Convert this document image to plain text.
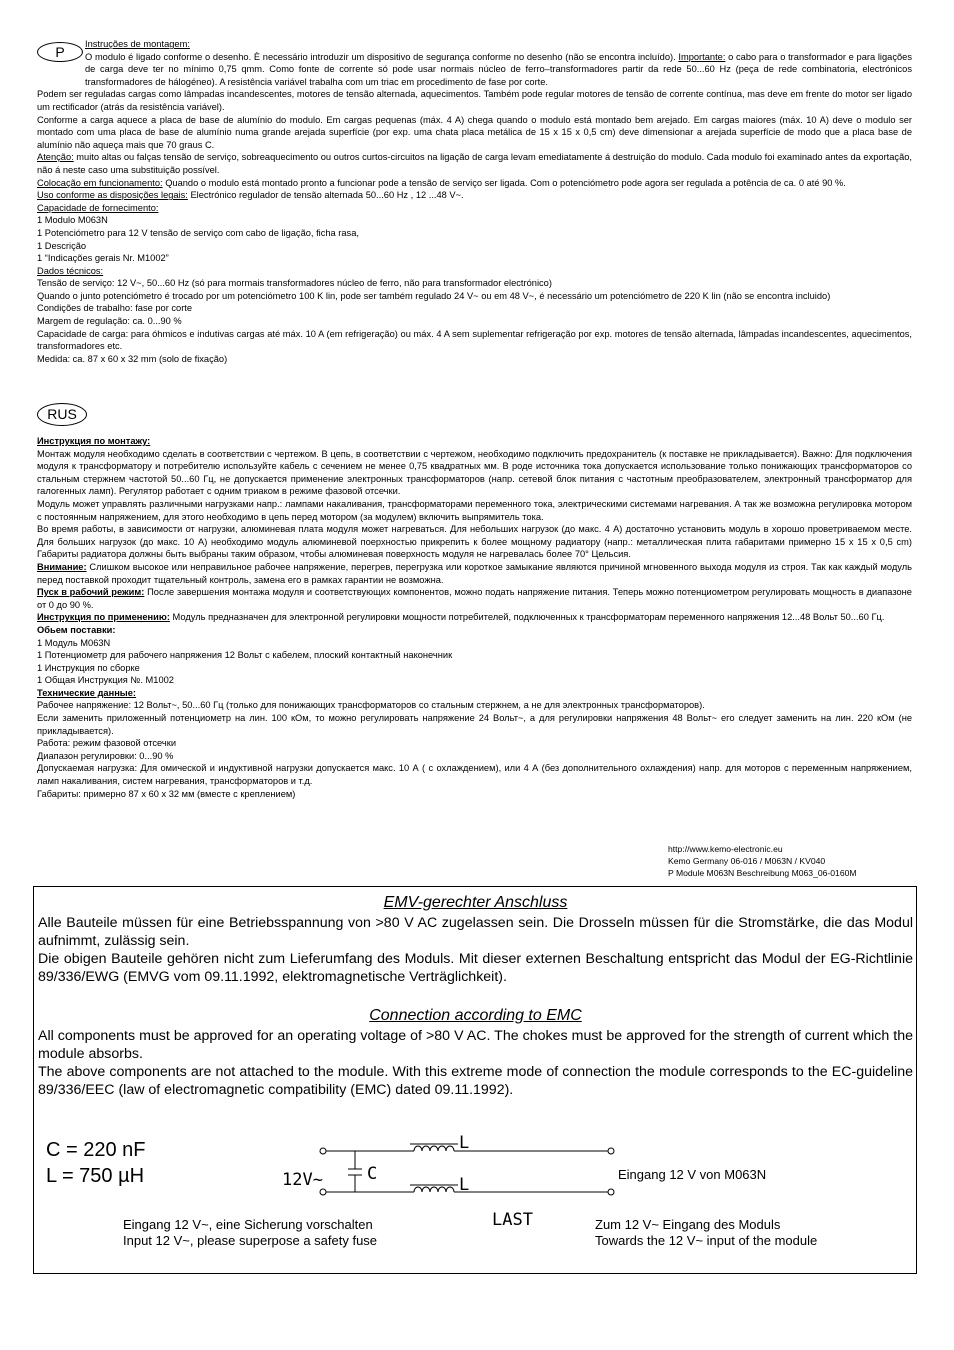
P	Instruções de montagem:

O modulo é ligado conforme o desenho. È necessário introduzir um dispositivo de segurança conforme no desenho (não se encontra incluído). Importante: o cabo para o transformador e para ligações de carga deve ter no mínimo 0,75 qmm. Como fonte de corrente só pode usar normais núcleo de ferro–transformadores partir da rede 50...60 Hz (peça de rede combinatoria, electrónicos transformadores de hálogéneo). A resistência variável trabalha com um triac em procedimento de fase por corte.

Podem ser reguladas cargas como lâmpadas incandescentes, motores de tensão alternada, aquecimentos. Também pode regular motores de tensão de corrente contínua, mas deve em frente do motor ser ligado um rectificador (atrás da resistência variável).

Conforme a carga aquece a placa de base de alumínio do modulo. Em cargas pequenas (máx. 4 A) chega quando o modulo está montado bem arejado. Em cargas maiores (máx. 10 A) deve o modulo ser montado com uma placa de base de alumínio numa grande arejada superfície (por exp. uma chata placa metálica de 15 x 15 x 0,5 cm) deve dimensionar a arejada superfície de modo que a placa base de alumínio não aqueça mais que 70 graus C.

Atenção: muito altas ou falças tensão de serviço, sobreaquecimento ou outros curtos-circuitos na ligação de carga levam emediatamente á destruição do modulo. Cada modulo foi examinado antes da exportação, não á neste caso uma substituição possível.

Colocação em funcionamento: Quando o modulo está montado pronto a funcionar pode a tensão de serviço ser ligada. Com o potenciómetro pode agora ser regulada a potência de ca. 0 até 90 %.

Uso conforme as disposições legais: Electrónico regulador de tensão alternada 50...60 Hz , 12 ...48 V~.

Capacidade de fornecimento:

1 Modulo M063N

1 Potenciómetro para 12 V tensão de serviço com cabo de ligação, ficha rasa,

1 Descrição

1 “Indicações gerais Nr. M1002”

Dados técnicos:

Tensão de serviço: 12 V~, 50...60 Hz (só para mormais transformadores núcleo de ferro, não para transformador electrónico)

Quando o junto potenciómetro é trocado por um potenciómetro 100 K lin, pode ser também regulado 24 V~ ou em 48 V~, é necessário um potenciómetro de 220 K lin (não se encontra incluido)

Condições de trabalho: fase por corte

Margem de regulação: ca. 0...90 %

Capacidade de carga: para óhmicos e indutivas cargas até máx. 10 A (em refrigeração) ou máx. 4 A sem suplementar refrigeração por exp. motores de tensão alternada, lâmpadas incandescentes, aquecimentos, transformadores etc.

Medida: ca. 87 x 60 x 32 mm (solo de fixação)

RUS

Инструкция по монтажу:

Монтаж модуля необходимо сделать в соответствии с чертежом. В цепь, в соответствии с чертежом, необходимо подключить предохранитель (к поставке не прикладывается). Важно: Для подключения модуля к трансформатору и потребителю используйте кабель с сечением не менее 0,75 квадратных мм. В роде источника тока допускается использование только понижающих трансформаторов со стальным стержнем частотой 50...60 Гц, не допускается применение электронных трансформаторов (напр. сетевой блок питания с частотным преобразователем, электронный трансформатор для галогенных ламп). Регулятор работает с одним триаком в режиме фазовой отсечки.

Модуль может управлять различными нагрузками напр.: лампами накаливания, трансформаторами переменного тока, электрическими системами нагревания. А так же возможна регулировка мотором с постоянным напряжением, для этого необходимо в цепь перед мотором (за модулем) включить выпрямитель тока.

Во время работы, в зависимости от нагрузки, алюминевая плата модуля может нагреваться. Для небольших нагрузок (до макс. 4 А) достаточно установить модуль в хорошо проветриваемом месте. Для больших нагрузок (до макс. 10 А) необходимо модуль алюминевой поерхностью прикрепить к более мощному радиатору (напр.: металлическая плита габаритами примерно 15 х 15 х 0,5 cm) Габариты радиатора должны быть выбраны таким образом, чтобы алюминевая поверхность модуля не нагревалась более 70° Цельсия.

Внимание: Слишком высокое или неправильное рабочее напряжение, перегрев, перегрузка или короткое замыкание являются причиной мгновенного выхода модуля из строя. Так как каждый модуль перед поставкой проходит тщательный контроль, замена его в рамках гарантии не возможна.

Пуск в рабочий режим: После завершения монтажа модуля и соответствующих компонентов, можно подать напряжение питания. Теперь можно потенциометром регулировать мощность в диапазоне от 0 до 90 %.

Инструкция по применению: Модуль предназначен для электронной регулировки мощности потребителей, подключенных к трансформаторам переменного напряжения 12...48 Вольт 50...60 Гц.

Обьем поставки:

1 Модуль М063N

1 Потенциометр для рабочего напряжения 12 Вольт с кабелем, плоский контактный наконечник

1 Инструкция по сборке

1 Общая Инструкция №. М1002

Технические данные:

Рабочее напряжение: 12 Вольт~, 50...60 Гц (только для понижающих трансформаторов со стальным стержнем, а не для электронных трансформаторов).

Если заменить приложенный потенциометр на лин. 100 кОм, то можно регулировать напряжение 24 Вольт~, а для регулировки напряжения 48 Вольт~ его следует заменить на лин. 220 кОм (не прикладывается).

Работа: режим фазовой отсечки

Диапазон регулировки: 0...90 %

Допускаемая нагрузка: Для омической и индуктивной нагрузки допускается макс. 10 А ( с охлаждением), или 4 А (без дополнительного охлаждения) напр. для моторов с переменным напряжением, ламп накаливания, систем нагревания, трансформаторов и т.д.

Габариты: примерно 87 х 60 х 32 мм (вместе с креплением)

http://www.kemo-electronic.eu
Kemo Germany 06-016 / M063N / KV040
P Module M063N Beschreibung M063_06-0160M
EMV-gerechter Anschluss

Alle Bauteile müssen für eine Betriebsspannung von >80 V AC zugelassen sein. Die Drosseln müssen für die Stromstärke, die das Modul aufnimmt, zulässig sein.

Die obigen Bauteile gehören nicht zum Lieferumfang des Moduls. Mit dieser externen Beschaltung entspricht das Modul der EG-Richtlinie 89/336/EWG (EMVG vom 09.11.1992, elektromagnetische Verträglichkeit).

Connection according to EMC

All components must be approved for an operating voltage of >80 V AC. The chokes must be approved for the strength of current which the module absorbs.

The above components are not attached to the module. With this extreme mode of connection the module corresponds to the EC-guideline 89/336/EEC (law of electromagnetic compatibility (EMC) dated 09.11.1992).

C = 220 nF
L = 750 µH	12V~	C
L
L
LAST
Eingang 12 V von M063N
Eingang 12 V~, eine Sicherung vorschalten
Input 12 V~, please superpose a safety fuse
Zum 12 V~ Eingang des Moduls
Towards the 12 V~ input of the module
